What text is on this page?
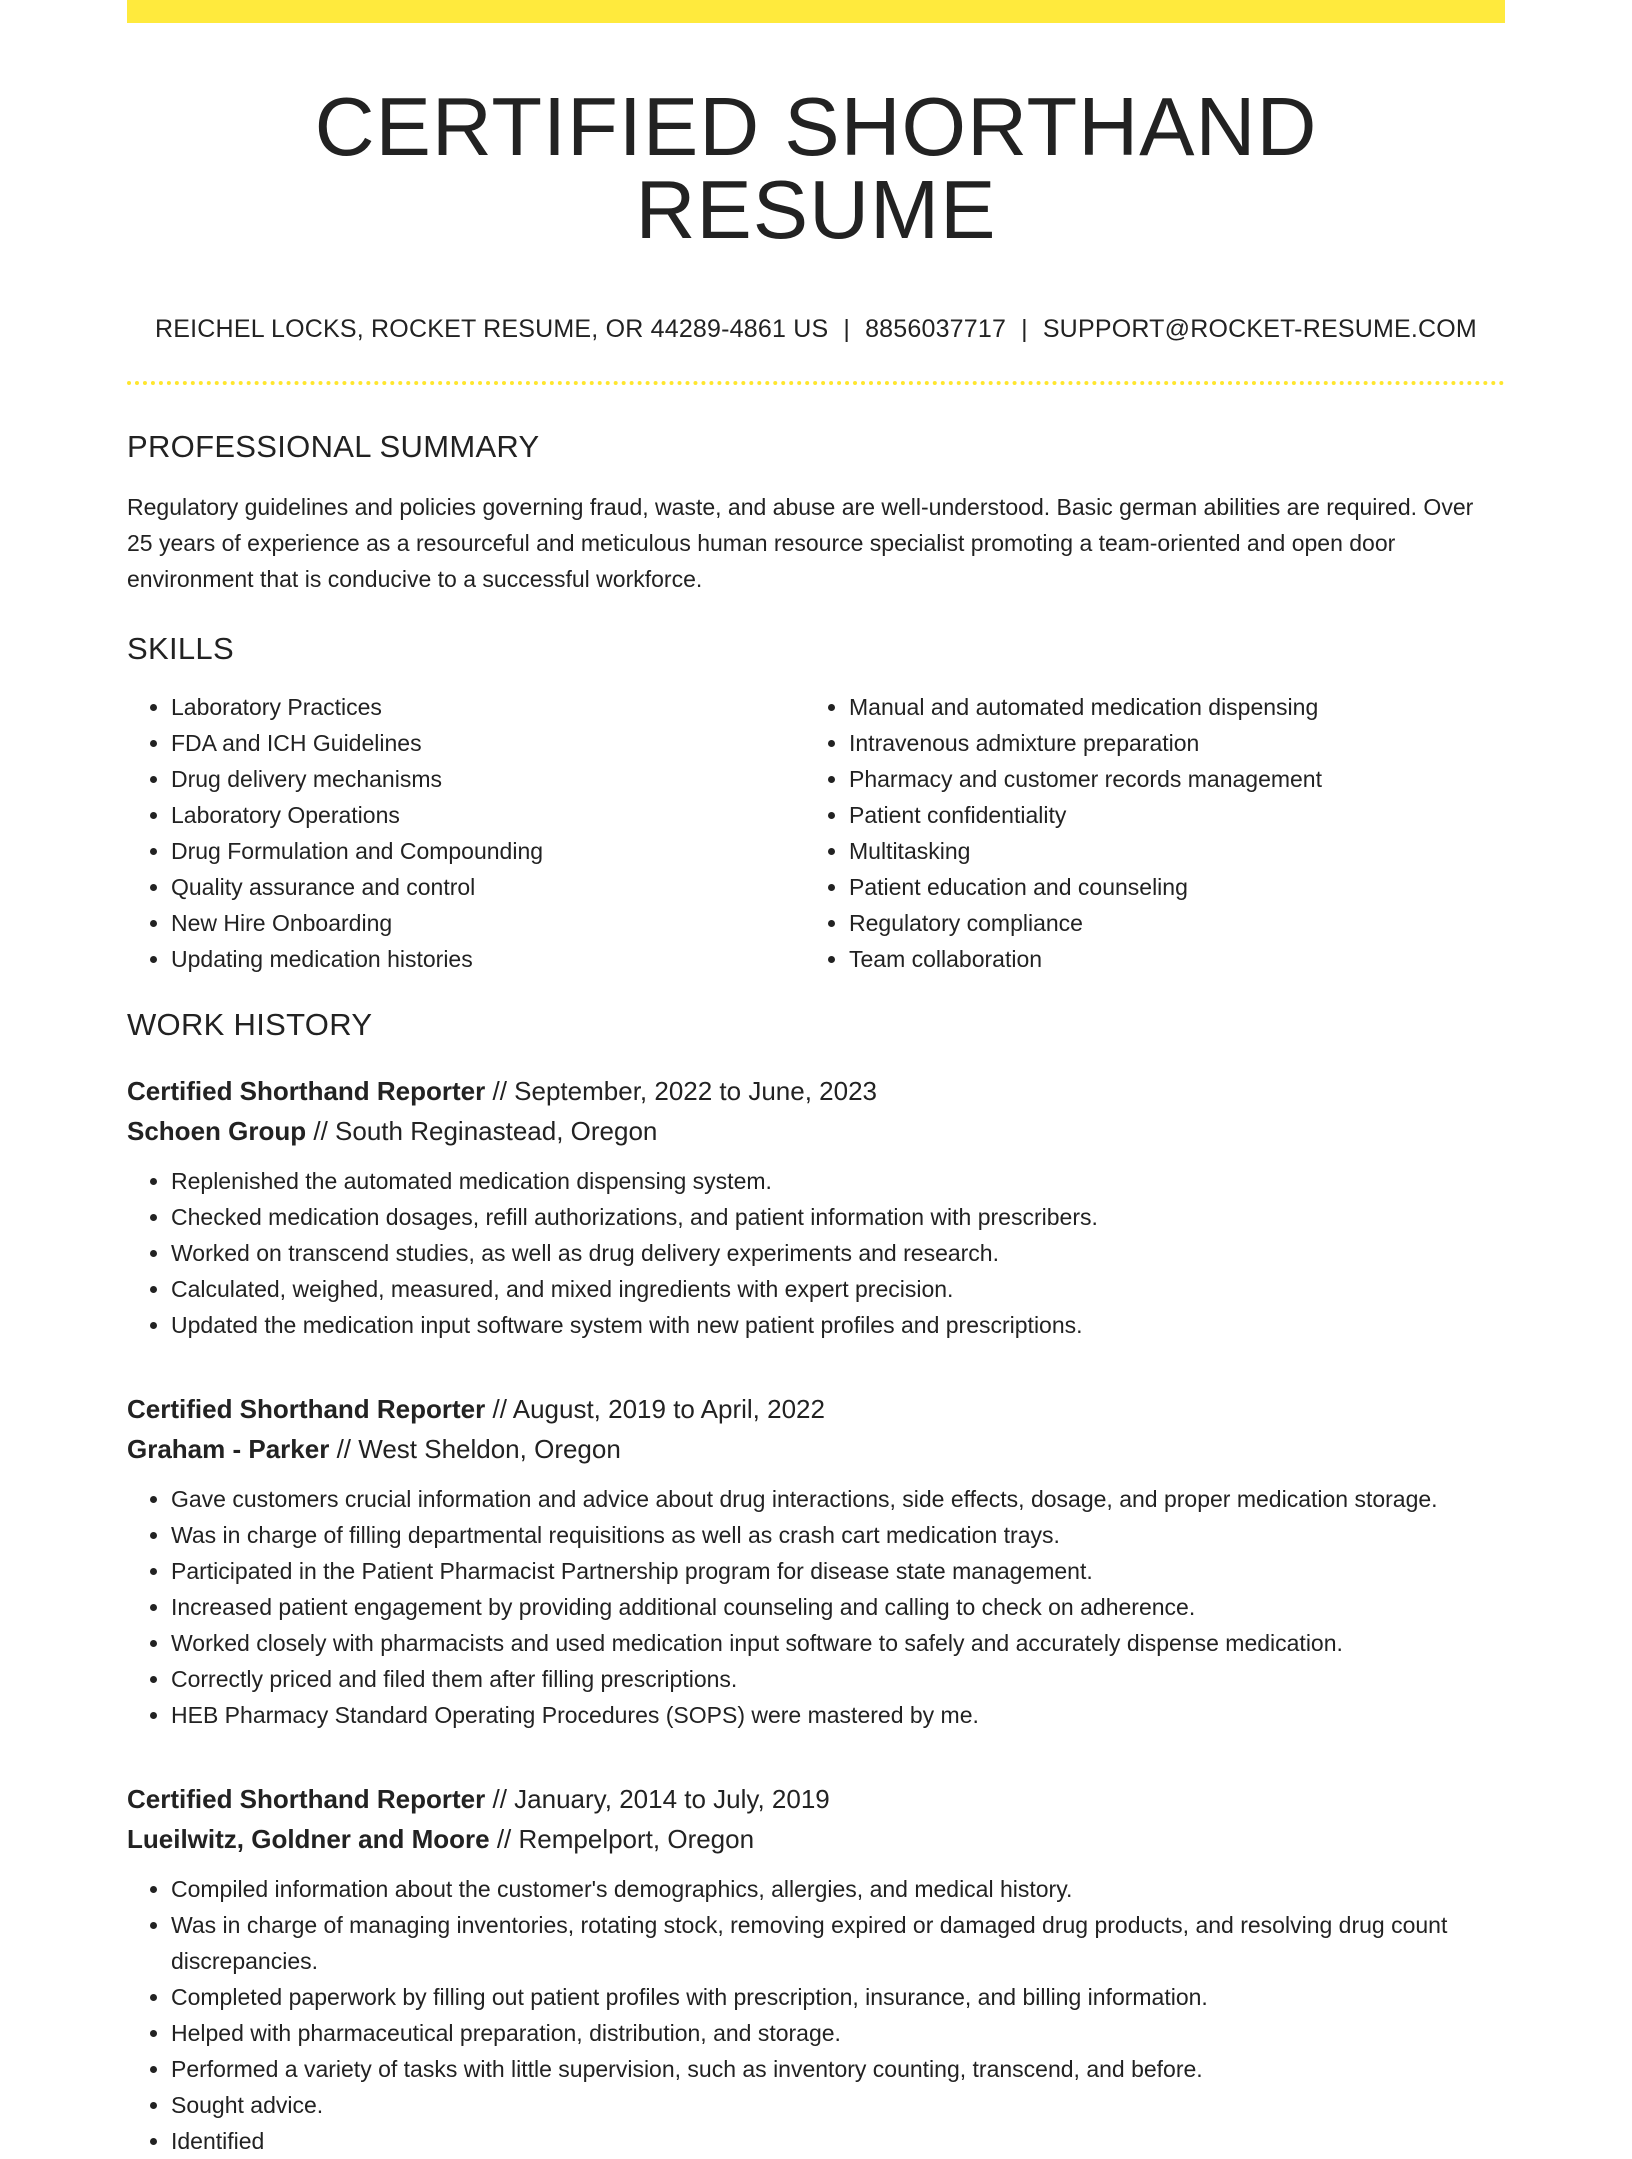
CERTIFIED SHORTHAND RESUME
REICHEL LOCKS, ROCKET RESUME, OR 44289-4861 US | 8856037717 | SUPPORT@ROCKET-RESUME.COM
PROFESSIONAL SUMMARY

Regulatory guidelines and policies governing fraud, waste, and abuse are well-understood. Basic german abilities are required. Over 25 years of experience as a resourceful and meticulous human resource specialist promoting a team-oriented and open door environment that is conducive to a successful workforce.

SKILLS
• Laboratory Practices
• FDA and ICH Guidelines
• Drug delivery mechanisms
• Laboratory Operations
• Drug Formulation and Compounding
• Quality assurance and control
• New Hire Onboarding
• Updating medication histories
• Manual and automated medication dispensing
• Intravenous admixture preparation
• Pharmacy and customer records management
• Patient confidentiality
• Multitasking
• Patient education and counseling
• Regulatory compliance
• Team collaboration
WORK HISTORY
Certified Shorthand Reporter // September, 2022 to June, 2023
Schoen Group // South Reginastead, Oregon
• Replenished the automated medication dispensing system.
• Checked medication dosages, refill authorizations, and patient information with prescribers.
• Worked on transcend studies, as well as drug delivery experiments and research.
• Calculated, weighed, measured, and mixed ingredients with expert precision.
• Updated the medication input software system with new patient profiles and prescriptions.
Certified Shorthand Reporter // August, 2019 to April, 2022
Graham - Parker // West Sheldon, Oregon
• Gave customers crucial information and advice about drug interactions, side effects, dosage, and proper medication storage.
• Was in charge of filling departmental requisitions as well as crash cart medication trays.
• Participated in the Patient Pharmacist Partnership program for disease state management.
• Increased patient engagement by providing additional counseling and calling to check on adherence.
• Worked closely with pharmacists and used medication input software to safely and accurately dispense medication.
• Correctly priced and filed them after filling prescriptions.
• HEB Pharmacy Standard Operating Procedures (SOPS) were mastered by me.
Certified Shorthand Reporter // January, 2014 to July, 2019
Lueilwitz, Goldner and Moore // Rempelport, Oregon
• Compiled information about the customer's demographics, allergies, and medical history.
• Was in charge of managing inventories, rotating stock, removing expired or damaged drug products, and resolving drug count discrepancies.
• Completed paperwork by filling out patient profiles with prescription, insurance, and billing information.
• Helped with pharmaceutical preparation, distribution, and storage.
• Performed a variety of tasks with little supervision, such as inventory counting, transcend, and before.
• Sought advice.
• Identified
